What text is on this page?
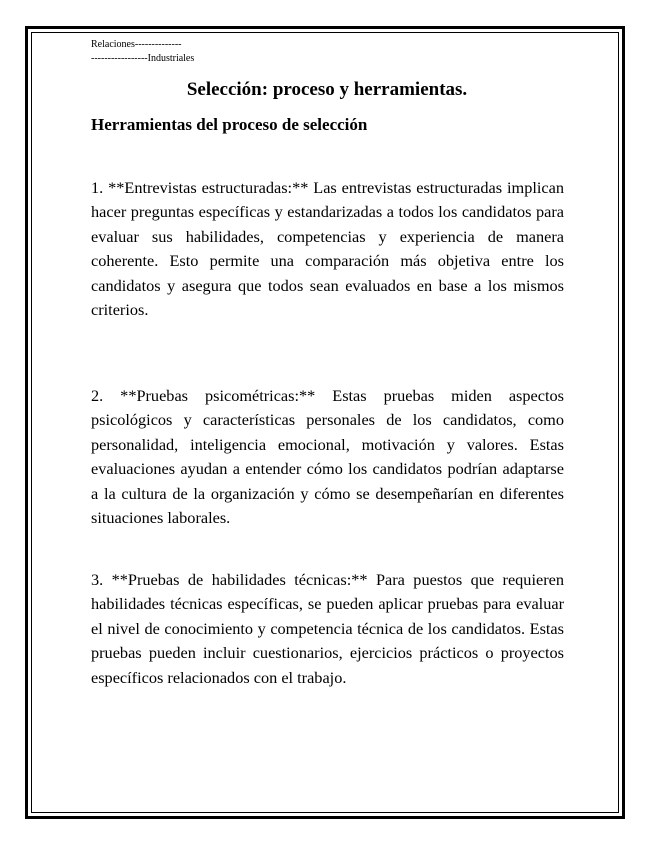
Relaciones--------------
-----------------Industriales
Selección: proceso y herramientas.
Herramientas del proceso de selección

1. **Entrevistas estructuradas:** Las entrevistas estructuradas implican hacer preguntas específicas y estandarizadas a todos los candidatos para evaluar sus habilidades, competencias y experiencia de manera coherente. Esto permite una comparación más objetiva entre los candidatos y asegura que todos sean evaluados en base a los mismos criterios.

2. **Pruebas psicométricas:** Estas pruebas miden aspectos psicológicos y características personales de los candidatos, como personalidad, inteligencia emocional, motivación y valores. Estas evaluaciones ayudan a entender cómo los candidatos podrían adaptarse a la cultura de la organización y cómo se desempeñarían en diferentes situaciones laborales.

3. **Pruebas de habilidades técnicas:** Para puestos que requieren habilidades técnicas específicas, se pueden aplicar pruebas para evaluar el nivel de conocimiento y competencia técnica de los candidatos. Estas pruebas pueden incluir cuestionarios, ejercicios prácticos o proyectos específicos relacionados con el trabajo.
